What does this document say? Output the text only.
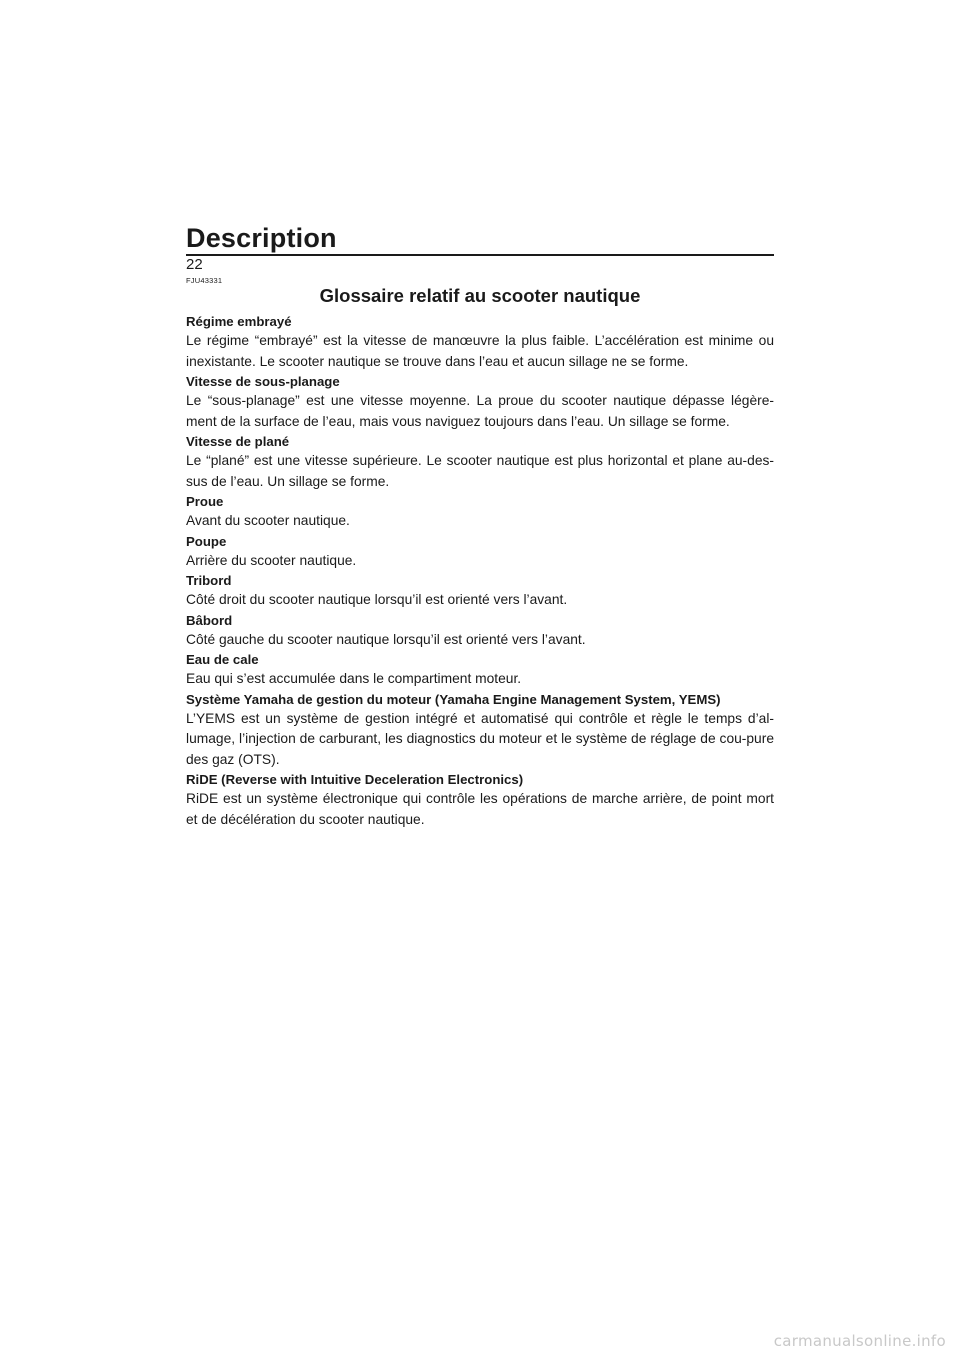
Description
22
FJU43331
Glossaire relatif au scooter nautique

Régime embrayé

Le régime “embrayé” est la vitesse de manœuvre la plus faible. L’accélération est minime ou inexistante. Le scooter nautique se trouve dans l’eau et aucun sillage ne se forme.

Vitesse de sous-planage

Le “sous-planage” est une vitesse moyenne. La proue du scooter nautique dépasse légère-ment de la surface de l’eau, mais vous naviguez toujours dans l’eau. Un sillage se forme.

Vitesse de plané

Le “plané” est une vitesse supérieure. Le scooter nautique est plus horizontal et plane au-des-sus de l’eau. Un sillage se forme.

Proue

Avant du scooter nautique.

Poupe

Arrière du scooter nautique.

Tribord

Côté droit du scooter nautique lorsqu’il est orienté vers l’avant.

Bâbord

Côté gauche du scooter nautique lorsqu’il est orienté vers l’avant.

Eau de cale

Eau qui s’est accumulée dans le compartiment moteur.

Système Yamaha de gestion du moteur (Yamaha Engine Management System, YEMS)

L’YEMS est un système de gestion intégré et automatisé qui contrôle et règle le temps d’al-lumage, l’injection de carburant, les diagnostics du moteur et le système de réglage de cou-pure des gaz (OTS).

RiDE (Reverse with Intuitive Deceleration Electronics)

RiDE est un système électronique qui contrôle les opérations de marche arrière, de point mort et de décélération du scooter nautique.

carmanualsonline.info
